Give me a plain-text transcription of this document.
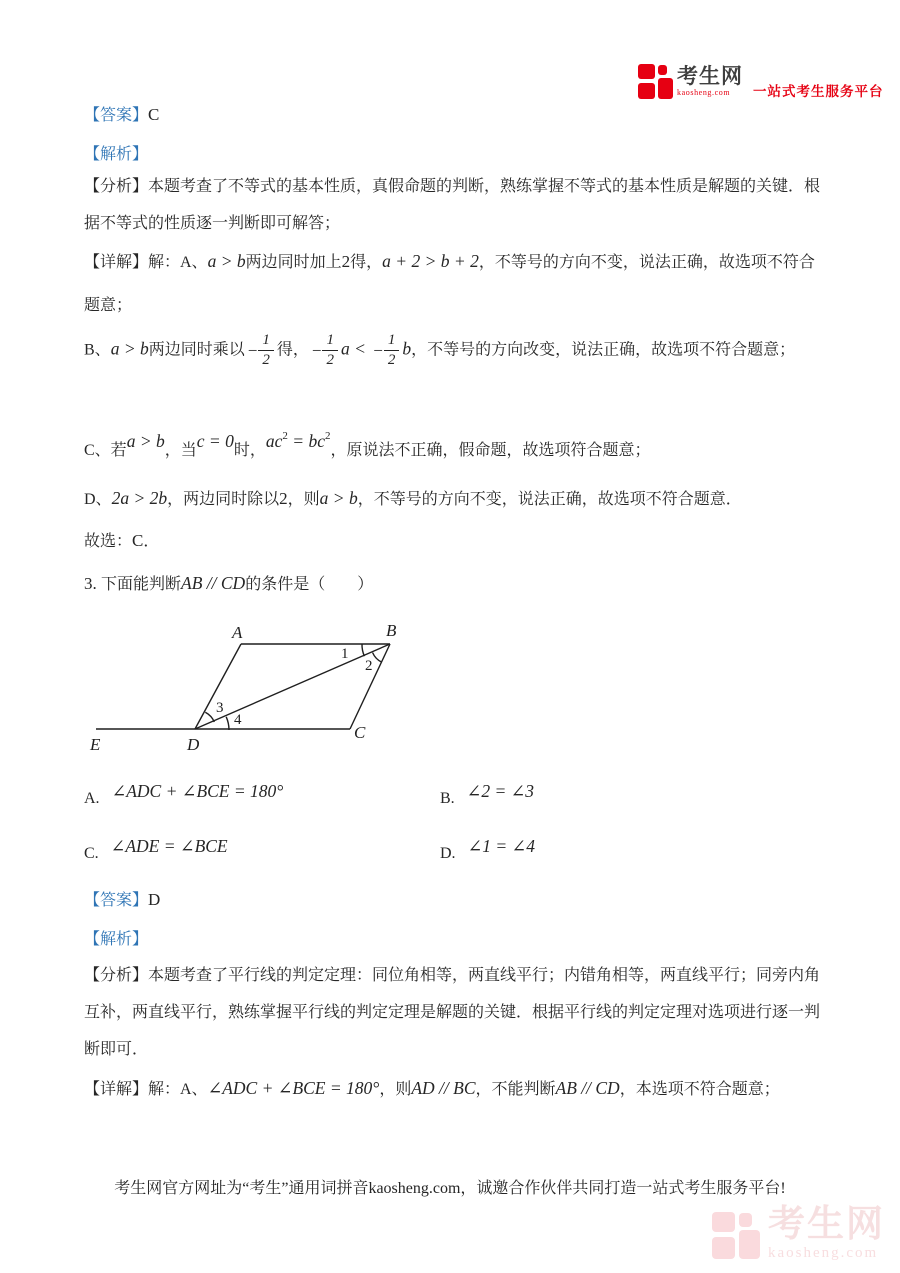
考生网
kaosheng.com	一站式考生服务平台
【答案】C
【解析】
【分析】本题考查了不等式的基本性质，真假命题的判断，熟练掌握不等式的基本性质是解题的关键．根
据不等式的性质逐一判断即可解答；
【详解】解：A、a > b两边同时加上2得，a + 2 > b + 2，不等号的方向不变，说法正确，故选项不符合
题意；
B、a > b两边同时乘以 − $\frac{1}{2}$ 得， − $\frac{1}{2}$ a < − $\frac{1}{2}$ b，不等号的方向改变，说法正确，故选项不符合题意；
C、若a > b，当c = 0时，$ac^2 = bc^2$，原说法不正确，假命题，故选项符合题意；
D、2a > 2b，两边同时除以2，则a > b，不等号的方向不变，说法正确，故选项不符合题意．
故选：C．
3. 下面能判断AB // CD的条件是（　　）
A	B
C
D
E
1
2
3
4
A. ∠ADC + ∠BCE = 180°	B. ∠2 = ∠3
C. ∠ADE = ∠BCE	D. ∠1 = ∠4
【答案】D
【解析】
【分析】本题考查了平行线的判定定理：同位角相等，两直线平行；内错角相等，两直线平行；同旁内角
互补，两直线平行，熟练掌握平行线的判定定理是解题的关键．根据平行线的判定定理对选项进行逐一判
断即可．
【详解】解：A、∠ADC + ∠BCE = 180°，则AD // BC，不能判断AB // CD，本选项不符合题意；
考生网官方网址为“考生”通用词拼音kaosheng.com，诚邀合作伙伴共同打造一站式考生服务平台!
考生网
kaosheng.com
